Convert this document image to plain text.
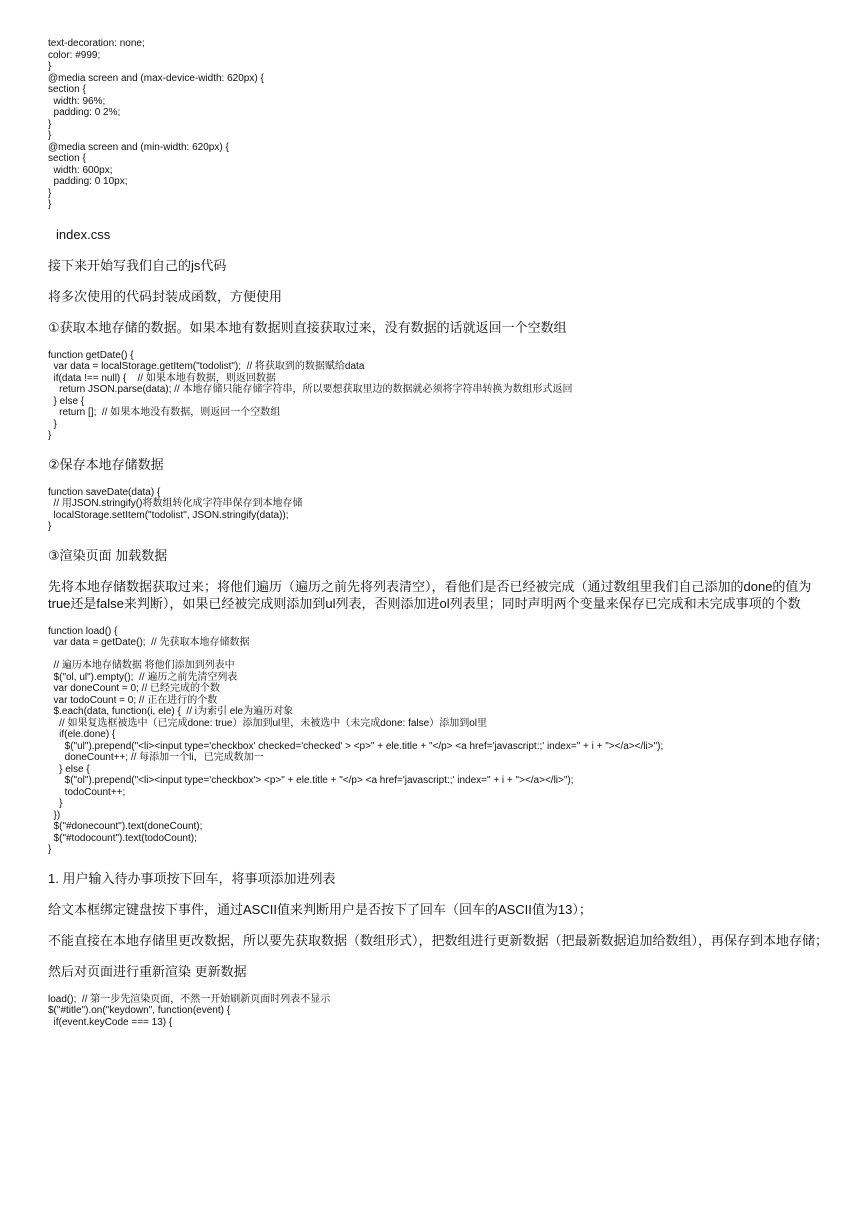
text-decoration: none;
color: #999;
}
@media screen and (max-device-width: 620px) {
section {
width: 96%;
padding: 0 2%;
}
}
@media screen and (min-width: 620px) {
section {
width: 600px;
padding: 0 10px;
}
}
index.css

接下来开始写我们自己的js代码

将多次使用的代码封装成函数，方便使用

①获取本地存储的数据。如果本地有数据则直接获取过来，没有数据的话就返回一个空数组

function getDate() {
var data = localStorage.getItem("todolist");  // 将获取到的数据赋给data
if(data !== null) {    // 如果本地有数据，则返回数据
return JSON.parse(data); // 本地存储只能存储字符串，所以要想获取里边的数据就必须将字符串转换为数组形式返回
} else {
return [];  // 如果本地没有数据，则返回一个空数组
}
}

②保存本地存储数据

function saveDate(data) {
// 用JSON.stringify()将数组转化成字符串保存到本地存储
localStorage.setItem("todolist", JSON.stringify(data));
}

③渲染页面 加载数据

先将本地存储数据获取过来；将他们遍历（遍历之前先将列表清空），看他们是否已经被完成（通过数组里我们自己添加的done的值为true还是false来判断），如果已经被完成则添加到ul列表，否则添加进ol列表里；同时声明两个变量来保存已完成和未完成事项的个数

function load() {
var data = getDate();  // 先获取本地存储数据

// 遍历本地存储数据 将他们添加到列表中
$("ol, ul").empty();  // 遍历之前先清空列表
var doneCount = 0; // 已经完成的个数
var todoCount = 0; // 正在进行的个数
$.each(data, function(i, ele) {  // i为索引 ele为遍历对象
// 如果复选框被选中（已完成done: true）添加到ul里，未被选中（未完成done: false）添加到ol里
if(ele.done) {
$("ul").prepend("<li><input type='checkbox' checked='checked' > <p>" + ele.title + "</p> <a href='javascript:;' index=" + i + "></a></li>");
doneCount++; // 每添加一个li，已完成数加一
} else {
$("ol").prepend("<li><input type='checkbox'> <p>" + ele.title + "</p> <a href='javascript:;' index=" + i + "></a></li>");
todoCount++;
}
})
$("#donecount").text(doneCount);
$("#todocount").text(todoCount);
}

1. 用户输入待办事项按下回车，将事项添加进列表

给文本框绑定键盘按下事件，通过ASCII值来判断用户是否按下了回车（回车的ASCII值为13）；

不能直接在本地存储里更改数据，所以要先获取数据（数组形式），把数组进行更新数据（把最新数据追加给数组），再保存到本地存储；

然后对页面进行重新渲染 更新数据

load();  // 第一步先渲染页面，不然一开始刷新页面时列表不显示
$("#title").on("keydown", function(event) {
if(event.keyCode === 13) {
